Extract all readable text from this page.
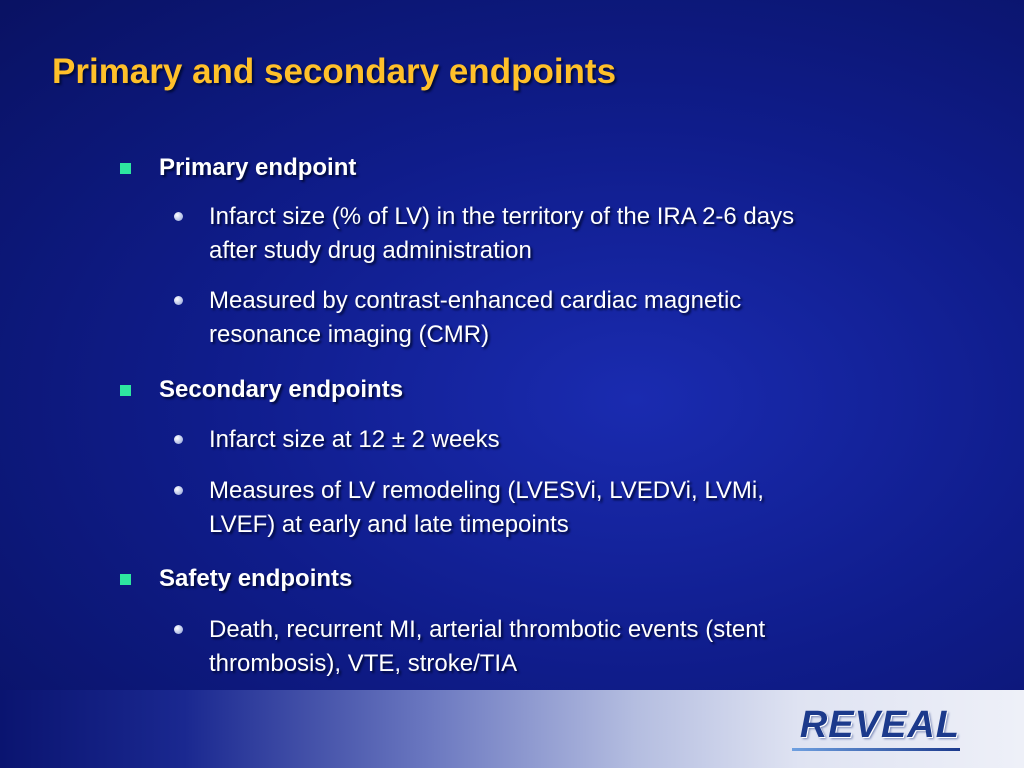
Primary and secondary endpoints
Primary endpoint
Infarct size (% of LV) in the territory of the IRA 2-6 days
after study drug administration
Measured by contrast-enhanced cardiac magnetic
resonance imaging (CMR)
Secondary endpoints
Infarct size at 12 ± 2 weeks
Measures of LV remodeling (LVESVi, LVEDVi, LVMi,
LVEF) at early and late timepoints
Safety endpoints
Death, recurrent MI, arterial thrombotic events (stent
thrombosis), VTE, stroke/TIA
REVEAL
